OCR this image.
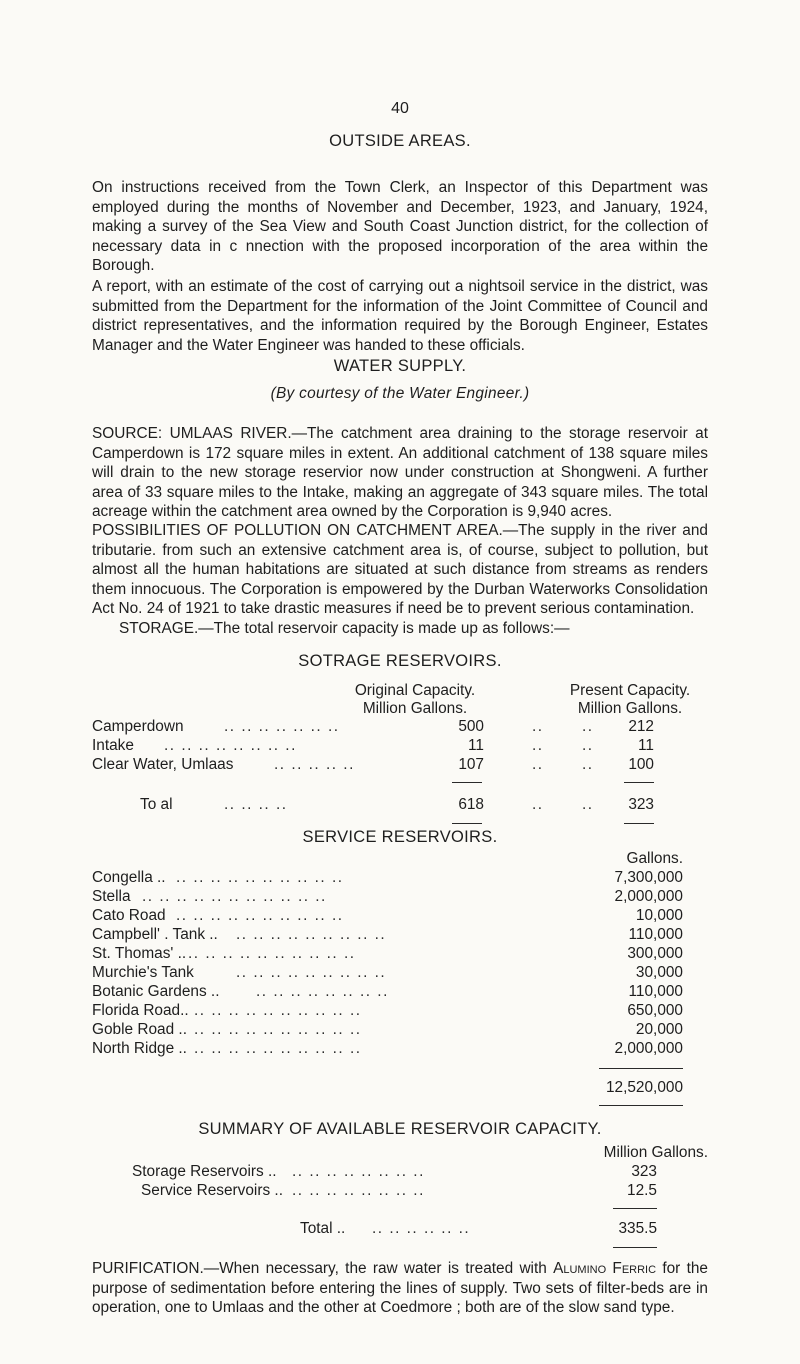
40
OUTSIDE AREAS.
On instructions received from the Town Clerk, an Inspector of this Department was employed during the months of November and December, 1923, and January, 1924, making a survey of the Sea View and South Coast Junction district, for the collection of necessary data in c nnection with the proposed incorporation of the area within the Borough.
A report, with an estimate of the cost of carrying out a nightsoil service in the district, was submitted from the Department for the information of the Joint Committee of Council and district representatives, and the information required by the Borough Engineer, Estates Manager and the Water Engineer was handed to these officials.
WATER SUPPLY.
(By courtesy of the Water Engineer.)
SOURCE: UMLAAS RIVER.—The catchment area draining to the storage reservoir at Camperdown is 172 square miles in extent. An additional catchment of 138 square miles will drain to the new storage reservior now under construction at Shongweni. A further area of 33 square miles to the Intake, making an aggregate of 343 square miles. The total acreage within the catchment area owned by the Corporation is 9,940 acres.
POSSIBILITIES OF POLLUTION ON CATCHMENT AREA.—The supply in the river and tributarie. from such an extensive catchment area is, of course, subject to pollution, but almost all the human habitations are situated at such distance from streams as renders them innocuous. The Corporation is empowered by the Durban Waterworks Consolidation Act No. 24 of 1921 to take drastic measures if need be to prevent serious contamination.
STORAGE.—The total reservoir capacity is made up as follows:—
SOTRAGE RESERVOIRS.
Original Capacity.
Million Gallons.
Present Capacity.
Million Gallons.
Camperdown	.. .. .. .. .. .. ..	500	.. ..	212
Intake .. .. .. .. .. .. .. ..	11	.. ..	11
Clear Water, Umlaas	.. .. .. .. ..	107	.. ..	100
To al	.. .. .. ..	618	.. ..	323
SERVICE RESERVOIRS.
Gallons.
Congella .. .. .. .. .. .. .. .. .. .. ..	7,300,000
Stella .. .. .. .. .. .. .. .. .. .. ..	2,000,000
Cato Road .. .. .. .. .. .. .. .. .. ..	10,000
Campbell' . Tank .. .. .. .. .. .. .. .. .. ..	110,000
St. Thomas' .. .. .. .. .. .. .. .. .. .. ..	300,000
Murchie's Tank	.. .. .. .. .. .. .. .. ..	30,000
Botanic Gardens .. .. .. .. .. .. .. .. ..	110,000
Florida Road.. .. .. .. .. .. .. .. .. .. ..	650,000
Goble Road .. .. .. .. .. .. .. .. .. .. ..	20,000
North Ridge .. .. .. .. .. .. .. .. .. .. ..	2,000,000
12,520,000
SUMMARY OF AVAILABLE RESERVOIR CAPACITY.
Million Gallons.
Storage Reservoirs .. .. .. .. .. .. .. .. ..	323
Service Reservoirs .. .. .. .. .. .. .. .. ..	12.5
Total .. .. .. .. .. .. ..	335.5
PURIFICATION.—When necessary, the raw water is treated with Alumino Ferric for the purpose of sedimentation before entering the lines of supply. Two sets of filter-beds are in operation, one to Umlaas and the other at Coedmore ; both are of the slow sand type.
